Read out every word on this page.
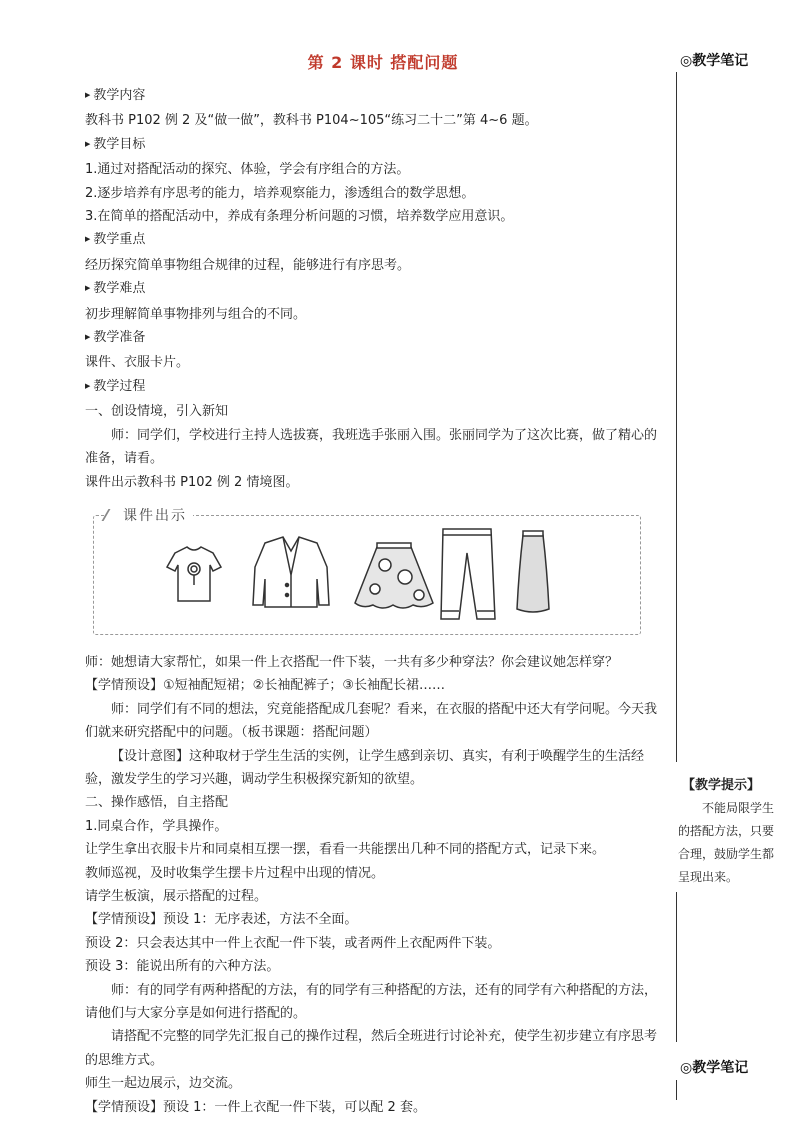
第 2 课时 搭配问题	◎教学笔记
【教学提示】
不能局限学生的搭配方法，只要合理，鼓励学生都呈现出来。
◎教学笔记

▶ 教学内容

教科书 P102 例 2 及“做一做”，教科书 P104~105“练习二十二”第 4~6 题。

▶ 教学目标

1.通过对搭配活动的探究、体验，学会有序组合的方法。

2.逐步培养有序思考的能力，培养观察能力，渗透组合的数学思想。

3.在简单的搭配活动中，养成有条理分析问题的习惯，培养数学应用意识。

▶ 教学重点

经历探究简单事物组合规律的过程，能够进行有序思考。

▶ 教学难点

初步理解简单事物排列与组合的不同。

▶ 教学准备

课件、衣服卡片。

▶ 教学过程

一、创设情境，引入新知

师：同学们，学校进行主持人选拔赛，我班选手张丽入围。张丽同学为了这次比赛，做了精心的准备，请看。

课件出示教科书 P102 例 2 情境图。

课件出示

师：她想请大家帮忙，如果一件上衣搭配一件下装，一共有多少种穿法？你会建议她怎样穿？

【学情预设】①短袖配短裙；②长袖配裤子；③长袖配长裙……

师：同学们有不同的想法，究竟能搭配成几套呢？看来，在衣服的搭配中还大有学问呢。今天我们就来研究搭配中的问题。（板书课题：搭配问题）

【设计意图】这种取材于学生生活的实例，让学生感到亲切、真实，有利于唤醒学生的生活经验，激发学生的学习兴趣，调动学生积极探究新知的欲望。

二、操作感悟，自主搭配

1.同桌合作，学具操作。

让学生拿出衣服卡片和同桌相互摆一摆，看看一共能摆出几种不同的搭配方式，记录下来。

教师巡视，及时收集学生摆卡片过程中出现的情况。

请学生板演，展示搭配的过程。

【学情预设】预设 1：无序表述，方法不全面。

预设 2：只会表达其中一件上衣配一件下装，或者两件上衣配两件下装。

预设 3：能说出所有的六种方法。

师：有的同学有两种搭配的方法，有的同学有三种搭配的方法，还有的同学有六种搭配的方法，请他们与大家分享是如何进行搭配的。

请搭配不完整的同学先汇报自己的操作过程，然后全班进行讨论补充，使学生初步建立有序思考的思维方式。

师生一起边展示，边交流。

【学情预设】预设 1：一件上衣配一件下装，可以配 2 套。
